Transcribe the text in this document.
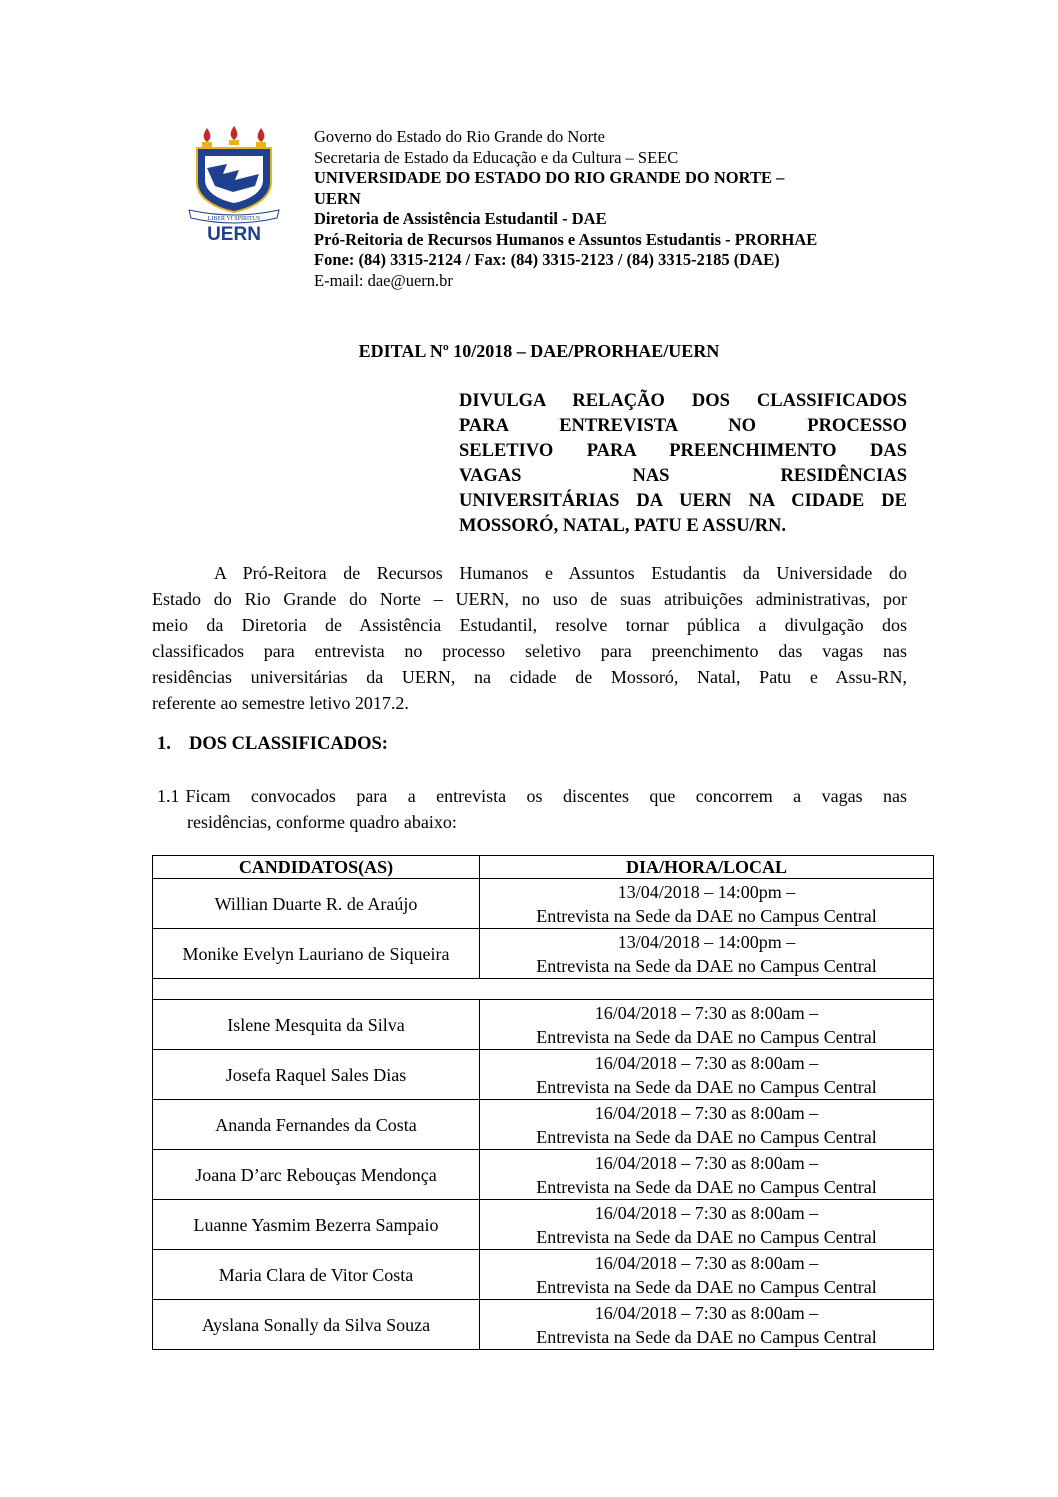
LIBER VI SPIRITUS
UERN
Governo do Estado do Rio Grande do Norte
Secretaria de Estado da Educação e da Cultura – SEEC
UNIVERSIDADE DO ESTADO DO RIO GRANDE DO NORTE –
UERN
Diretoria de Assistência Estudantil - DAE
Pró-Reitoria de Recursos Humanos e Assuntos Estudantis - PRORHAE
Fone: (84) 3315-2124 / Fax: (84) 3315-2123 / (84) 3315-2185 (DAE)
E-mail: dae@uern.br
EDITAL Nº 10/2018 – DAE/PRORHAE/UERN
DIVULGA RELAÇÃO DOS CLASSIFICADOS
PARA ENTREVISTA NO PROCESSO
SELETIVO PARA PREENCHIMENTO DAS
VAGAS NAS RESIDÊNCIAS
UNIVERSITÁRIAS DA UERN NA CIDADE DE
MOSSORÓ, NATAL, PATU E ASSU/RN.
A Pró-Reitora de Recursos Humanos e Assuntos Estudantis da Universidade do
Estado do Rio Grande do Norte – UERN, no uso de suas atribuições administrativas, por
meio da Diretoria de Assistência Estudantil, resolve tornar pública a divulgação dos
classificados para entrevista no processo seletivo para preenchimento das vagas nas
residências universitárias da UERN, na cidade de Mossoró, Natal, Patu e Assu-RN,
referente ao semestre letivo 2017.2.
1. DOS CLASSIFICADOS:
1.1 Ficam convocados para a entrevista os discentes que concorrem a vagas nas
residências, conforme quadro abaixo:
CANDIDATOS(AS)	DIA/HORA/LOCAL
Willian Duarte R. de Araújo	13/04/2018 – 14:00pm –
Entrevista na Sede da DAE no Campus Central

Monike Evelyn Lauriano de Siqueira	13/04/2018 – 14:00pm –
Entrevista na Sede da DAE no Campus Central

Islene Mesquita da Silva	16/04/2018 – 7:30 as 8:00am –
Entrevista na Sede da DAE no Campus Central

Josefa Raquel Sales Dias	16/04/2018 – 7:30 as 8:00am –
Entrevista na Sede da DAE no Campus Central

Ananda Fernandes da Costa	16/04/2018 – 7:30 as 8:00am –
Entrevista na Sede da DAE no Campus Central

Joana D’arc Rebouças Mendonça	16/04/2018 – 7:30 as 8:00am –
Entrevista na Sede da DAE no Campus Central

Luanne Yasmim Bezerra Sampaio	16/04/2018 – 7:30 as 8:00am –
Entrevista na Sede da DAE no Campus Central

Maria Clara de Vitor Costa	16/04/2018 – 7:30 as 8:00am –
Entrevista na Sede da DAE no Campus Central

Ayslana Sonally da Silva Souza	16/04/2018 – 7:30 as 8:00am –
Entrevista na Sede da DAE no Campus Central
